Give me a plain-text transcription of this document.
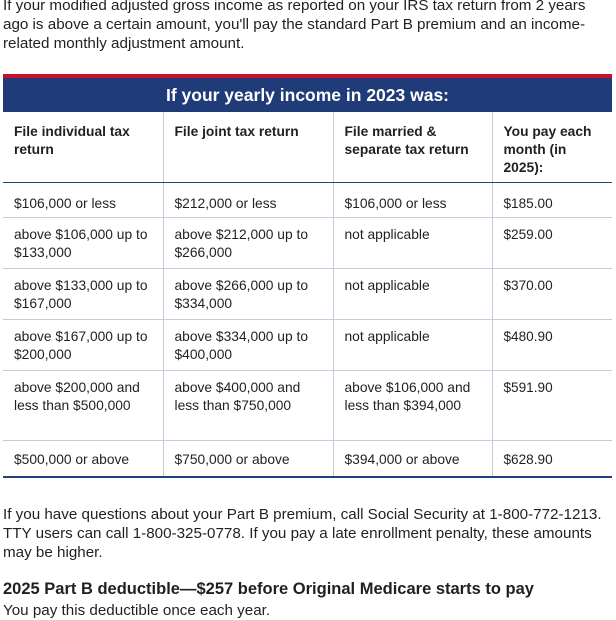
If your modified adjusted gross income as reported on your IRS tax return from 2 years ago is above a certain amount, you'll pay the standard Part B premium and an income-related monthly adjustment amount.
If your yearly income in 2023 was:
File individual tax return	File joint tax return	File married & separate tax return	You pay each month (in 2025):
$106,000 or less	$212,000 or less	$106,000 or less	$185.00
above $106,000 up to $133,000	above $212,000 up to $266,000	not applicable	$259.00
above $133,000 up to $167,000	above $266,000 up to $334,000	not applicable	$370.00
above $167,000 up to $200,000	above $334,000 up to $400,000	not applicable	$480.90
above $200,000 and less than $500,000	above $400,000 and less than $750,000	above $106,000 and less than $394,000	$591.90
$500,000 or above	$750,000 or above	$394,000 or above	$628.90
If you have questions about your Part B premium, call Social Security at 1-800-772-1213. TTY users can call 1-800-325-0778. If you pay a late enrollment penalty, these amounts may be higher.
2025 Part B deductible—$257 before Original Medicare starts to pay
You pay this deductible once each year.
